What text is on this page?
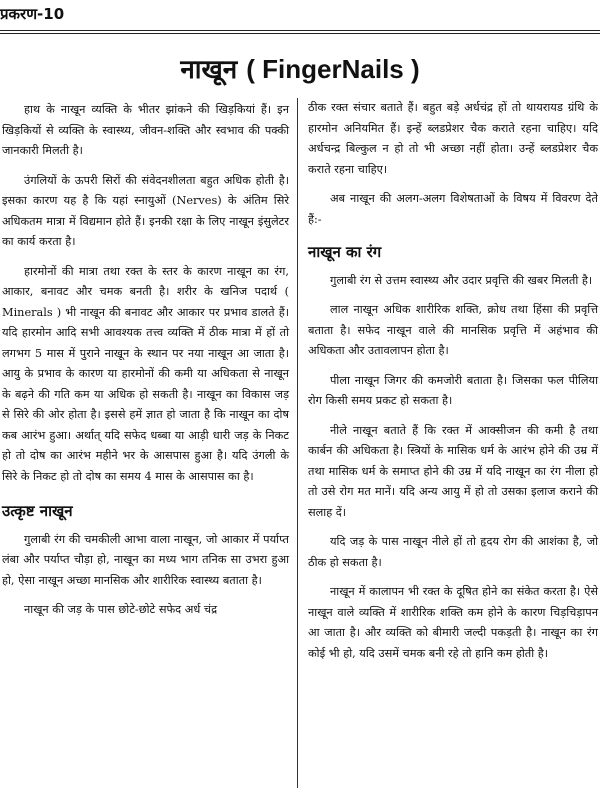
प्रकरण-10
नाखून ( FingerNails )

हाथ के नाखून व्यक्ति के भीतर झांकने की खिड़कियां हैं। इन खिड़कियों से व्यक्ति के स्वास्थ्य, जीवन-शक्ति और स्वभाव की पक्की जानकारी मिलती है।

उंगलियों के ऊपरी सिरों की संवेदनशीलता बहुत अधिक होती है। इसका कारण यह है कि यहां स्नायुओं (Nerves) के अंतिम सिरे अधिकतम मात्रा में विद्यमान होते हैं। इनकी रक्षा के लिए नाखून इंसुलेटर का कार्य करता है।

हारमोनों की मात्रा तथा रक्त के स्तर के कारण नाखून का रंग, आकार, बनावट और चमक बनती है। शरीर के खनिज पदार्थ ( Minerals ) भी नाखून की बनावट और आकार पर प्रभाव डालते हैं। यदि हारमोन आदि सभी आवश्यक तत्त्व व्यक्ति में ठीक मात्रा में हों तो लगभग 5 मास में पुराने नाखून के स्थान पर नया नाखून आ जाता है। आयु के प्रभाव के कारण या हारमोनों की कमी या अधिकता से नाखून के बढ़ने की गति कम या अधिक हो सकती है। नाखून का विकास जड़ से सिरे की ओर होता है। इससे हमें ज्ञात हो जाता है कि नाखून का दोष कब आरंभ हुआ। अर्थात् यदि सफेद धब्बा या आड़ी धारी जड़ के निकट हो तो दोष का आरंभ महीने भर के आसपास हुआ है। यदि उंगली के सिरे के निकट हो तो दोष का समय 4 मास के आसपास का है।

उत्कृष्ट नाखून

गुलाबी रंग की चमकीली आभा वाला नाखून, जो आकार में पर्याप्त लंबा और पर्याप्त चौड़ा हो, नाखून का मध्य भाग तनिक सा उभरा हुआ हो, ऐसा नाखून अच्छा मानसिक और शारीरिक स्वास्थ्य बताता है।

नाखून की जड़ के पास छोटे-छोटे सफेद अर्ध चंद्र

ठीक रक्त संचार बताते हैं। बहुत बड़े अर्धचंद्र हों तो थायरायड ग्रंथि के हारमोन अनियमित हैं। इन्हें ब्लडप्रेशर चैक कराते रहना चाहिए। यदि अर्धचन्द्र बिल्कुल न हो तो भी अच्छा नहीं होता। उन्हें ब्लडप्रेशर चैक कराते रहना चाहिए।

अब नाखून की अलग-अलग विशेषताओं के विषय में विवरण देते हैं:-

नाखून का रंग

गुलाबी रंग से उत्तम स्वास्थ्य और उदार प्रवृत्ति की खबर मिलती है।

लाल नाखून अधिक शारीरिक शक्ति, क्रोध तथा हिंसा की प्रवृत्ति बताता है। सफेद नाखून वाले की मानसिक प्रवृत्ति में अहंभाव की अधिकता और उतावलापन होता है।

पीला नाखून जिगर की कमजोरी बताता है। जिसका फल पीलिया रोग किसी समय प्रकट हो सकता है।

नीले नाखून बताते हैं कि रक्त में आक्सीजन की कमी है तथा कार्बन की अधिकता है। स्त्रियों के मासिक धर्म के आरंभ होने की उम्र में तथा मासिक धर्म के समाप्त होने की उम्र में यदि नाखून का रंग नीला हो तो उसे रोग मत मानें। यदि अन्य आयु में हो तो उसका इलाज कराने की सलाह दें।

यदि जड़ के पास नाखून नीले हों तो हृदय रोग की आशंका है, जो ठीक हो सकता है।

नाखून में कालापन भी रक्त के दूषित होने का संकेत करता है। ऐसे नाखून वाले व्यक्ति में शारीरिक शक्ति कम होने के कारण चिड़चिड़ापन आ जाता है। और व्यक्ति को बीमारी जल्दी पकड़ती है। नाखून का रंग कोई भी हो, यदि उसमें चमक बनी रहे तो हानि कम होती है।
